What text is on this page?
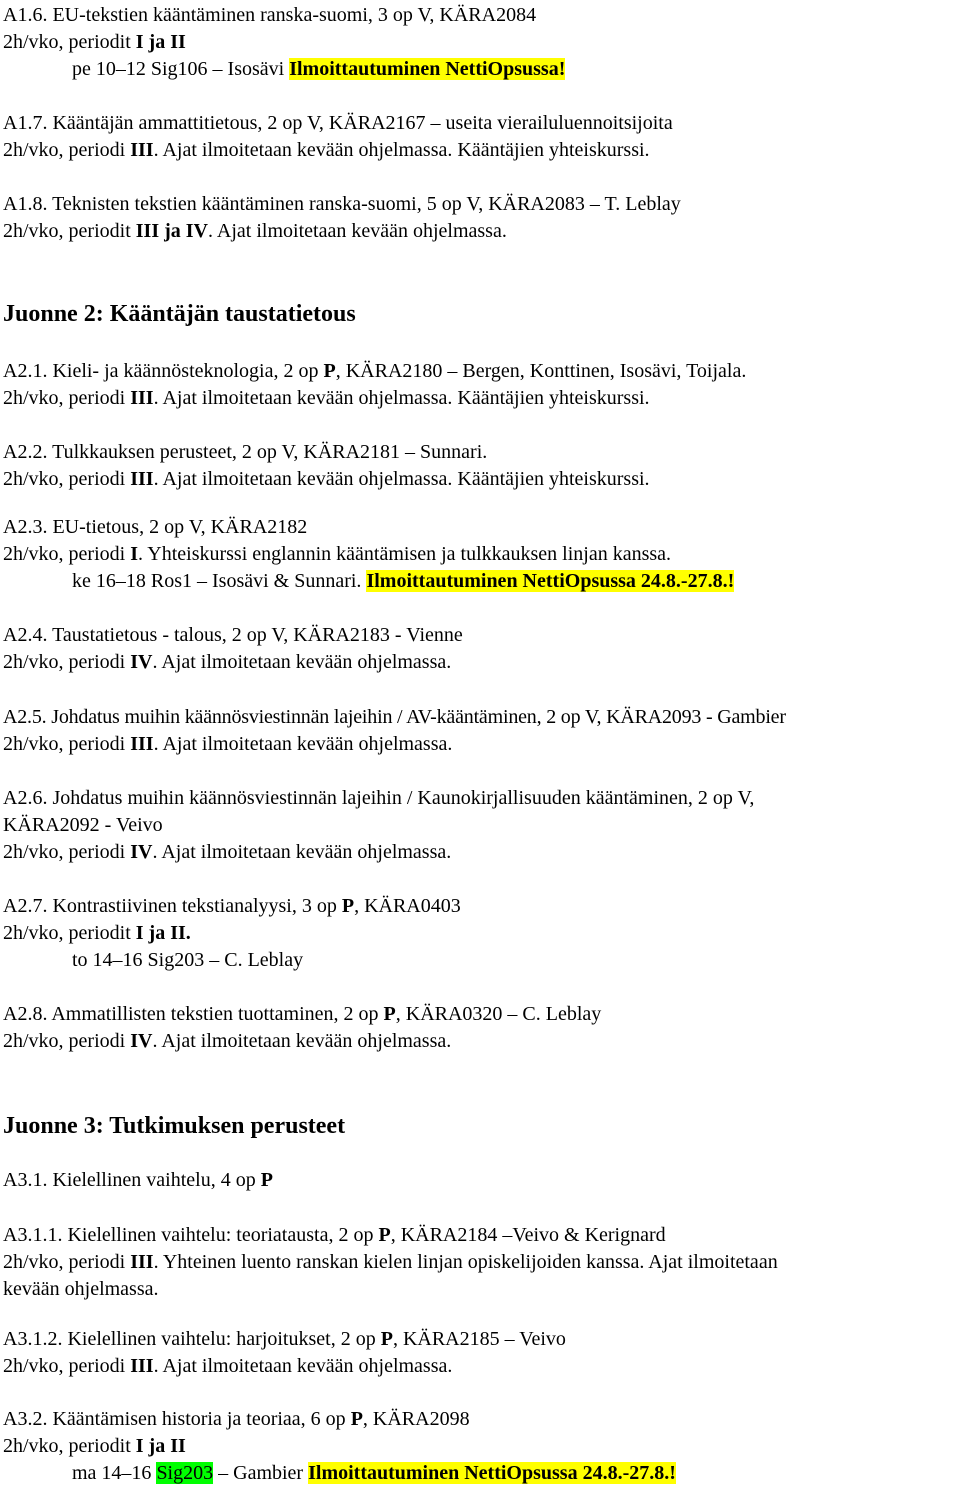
A1.6. EU-tekstien kääntäminen ranska-suomi, 3 op V, KÄRA2084
2h/vko, periodit I ja II
pe 10–12 Sig106 – Isosävi Ilmoittautuminen NettiOpsussa!
A1.7. Kääntäjän ammattitietous, 2 op V, KÄRA2167 – useita vierailuluennoitsijoita
2h/vko, periodi III. Ajat ilmoitetaan kevään ohjelmassa. Kääntäjien yhteiskurssi.
A1.8. Teknisten tekstien kääntäminen ranska-suomi, 5 op V, KÄRA2083 – T. Leblay
2h/vko, periodit III ja IV. Ajat ilmoitetaan kevään ohjelmassa.
Juonne 2: Kääntäjän taustatietous
A2.1. Kieli- ja käännösteknologia, 2 op P, KÄRA2180 – Bergen, Konttinen, Isosävi, Toijala.
2h/vko, periodi III. Ajat ilmoitetaan kevään ohjelmassa. Kääntäjien yhteiskurssi.
A2.2. Tulkkauksen perusteet, 2 op V, KÄRA2181 – Sunnari.
2h/vko, periodi III. Ajat ilmoitetaan kevään ohjelmassa. Kääntäjien yhteiskurssi.
A2.3. EU-tietous, 2 op V, KÄRA2182
2h/vko, periodi I. Yhteiskurssi englannin kääntämisen ja tulkkauksen linjan kanssa.
ke 16–18 Ros1 – Isosävi & Sunnari. Ilmoittautuminen NettiOpsussa 24.8.-27.8.!
A2.4. Taustatietous - talous, 2 op V, KÄRA2183 - Vienne
2h/vko, periodi IV. Ajat ilmoitetaan kevään ohjelmassa.
A2.5. Johdatus muihin käännösviestinnän lajeihin / AV-kääntäminen, 2 op V, KÄRA2093 - Gambier
2h/vko, periodi III. Ajat ilmoitetaan kevään ohjelmassa.
A2.6. Johdatus muihin käännösviestinnän lajeihin / Kaunokirjallisuuden kääntäminen, 2 op V,
KÄRA2092 - Veivo
2h/vko, periodi IV. Ajat ilmoitetaan kevään ohjelmassa.
A2.7. Kontrastiivinen tekstianalyysi, 3 op P, KÄRA0403
2h/vko, periodit I ja II.
to 14–16 Sig203 – C. Leblay
A2.8. Ammatillisten tekstien tuottaminen, 2 op P, KÄRA0320 – C. Leblay
2h/vko, periodi IV. Ajat ilmoitetaan kevään ohjelmassa.
Juonne 3: Tutkimuksen perusteet
A3.1. Kielellinen vaihtelu, 4 op P
A3.1.1. Kielellinen vaihtelu: teoriatausta, 2 op P, KÄRA2184 –Veivo & Kerignard
2h/vko, periodi III. Yhteinen luento ranskan kielen linjan opiskelijoiden kanssa. Ajat ilmoitetaan
kevään ohjelmassa.
A3.1.2. Kielellinen vaihtelu: harjoitukset, 2 op P, KÄRA2185 – Veivo
2h/vko, periodi III. Ajat ilmoitetaan kevään ohjelmassa.
A3.2. Kääntämisen historia ja teoriaa, 6 op P, KÄRA2098
2h/vko, periodit I ja II
ma 14–16 Sig203 – Gambier Ilmoittautuminen NettiOpsussa 24.8.-27.8.!
